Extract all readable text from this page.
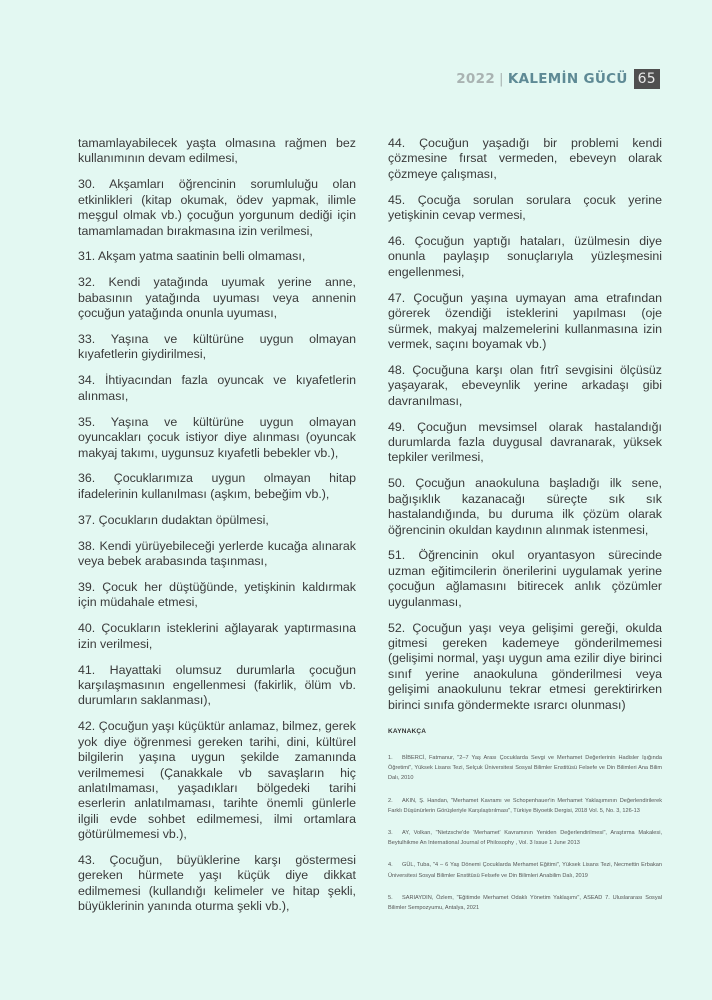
2022 | KALEMİN GÜCÜ 65

tamamlayabilecek yaşta olmasına rağmen bez kullanımının devam edilmesi,

30. Akşamları öğrencinin sorumluluğu olan etkinlikleri (kitap okumak, ödev yapmak, ilimle meşgul olmak vb.) çocuğun yorgunum dediği için tamamlamadan bırakmasına izin verilmesi,

31. Akşam yatma saatinin belli olmaması,

32. Kendi yatağında uyumak yerine anne, babasının yatağında uyuması veya annenin çocuğun yatağında onunla uyuması,

33. Yaşına ve kültürüne uygun olmayan kıyafetlerin giydirilmesi,

34. İhtiyacından fazla oyuncak ve kıyafetlerin alınması,

35. Yaşına ve kültürüne uygun olmayan oyuncakları çocuk istiyor diye alınması (oyuncak makyaj takımı, uygunsuz kıyafetli bebekler vb.),

36. Çocuklarımıza uygun olmayan hitap ifadelerinin kullanılması (aşkım, bebeğim vb.),

37. Çocukların dudaktan öpülmesi,

38. Kendi yürüyebileceği yerlerde kucağa alınarak veya bebek arabasında taşınması,

39. Çocuk her düştüğünde, yetişkinin kaldırmak için müdahale etmesi,

40. Çocukların isteklerini ağlayarak yaptırmasına izin verilmesi,

41. Hayattaki olumsuz durumlarla çocuğun karşılaşmasının engellenmesi (fakirlik, ölüm vb. durumların saklanması),

42. Çocuğun yaşı küçüktür anlamaz, bilmez, gerek yok diye öğrenmesi gereken tarihi, dini, kültürel bilgilerin yaşına uygun şekilde zamanında verilmemesi (Çanakkale vb savaşların hiç anlatılmaması, yaşadıkları bölgedeki tarihi eserlerin anlatılmaması, tarihte önemli günlerle ilgili evde sohbet edilmemesi, ilmi ortamlara götürülmemesi vb.),

43. Çocuğun, büyüklerine karşı göstermesi gereken hürmete yaşı küçük diye dikkat edilmemesi (kullandığı kelimeler ve hitap şekli, büyüklerinin yanında oturma şekli vb.),

44. Çocuğun yaşadığı bir problemi kendi çözmesine fırsat vermeden, ebeveyn olarak çözmeye çalışması,

45. Çocuğa sorulan sorulara çocuk yerine yetişkinin cevap vermesi,

46. Çocuğun yaptığı hataları, üzülmesin diye onunla paylaşıp sonuçlarıyla yüzleşmesini engellenmesi,

47. Çocuğun yaşına uymayan ama etrafından görerek özendiği isteklerini yapılması (oje sürmek, makyaj malzemelerini kullanmasına izin vermek, saçını boyamak vb.)

48. Çocuğuna karşı olan fıtrî sevgisini ölçüsüz yaşayarak, ebeveynlik yerine arkadaşı gibi davranılması,

49. Çocuğun mevsimsel olarak hastalandığı durumlarda fazla duygusal davranarak, yüksek tepkiler verilmesi,

50. Çocuğun anaokuluna başladığı ilk sene, bağışıklık kazanacağı süreçte sık sık hastalandığında, bu duruma ilk çözüm olarak öğrencinin okuldan kaydının alınmak istenmesi,

51. Öğrencinin okul oryantasyon sürecinde uzman eğitimcilerin önerilerini uygulamak yerine çocuğun ağlamasını bitirecek anlık çözümler uygulanması,

52. Çocuğun yaşı veya gelişimi gereği, okulda gitmesi gereken kademeye gönderilmemesi (gelişimi normal, yaşı uygun ama ezilir diye birinci sınıf yerine anaokuluna gönderilmesi veya gelişimi anaokulunu tekrar etmesi gerektirirken birinci sınıfa göndermekte ısrarcı olunması)

KAYNAKÇA
1. BİBERCİ, Fatmanur, "2–7 Yaş Arası Çocuklarda Sevgi ve Merhamet Değerlerinin Hadisler Işığında Öğretimi", Yüksek Lisans Tezi, Selçuk Üniversitesi Sosyal Bilimler Enstitüsü Felsefe ve Din Bilimleri Ana Bilim Dalı, 2010
2. AKIN, Ş. Handan, "Merhamet Kavramı ve Schopenhauer'in Merhamet Yaklaşımının Değerlendirilerek Farklı Düşünürlerin Görüşleriyle Karşılaştırılması", Türkiye Biyoetik Dergisi, 2018 Vol. 5, No. 3, 126-13
3. AY, Volkan, "Nietzsche'de 'Merhamet' Kavramının Yeniden Değerlendirilmesi", Araştırma Makalesi, Beytulhikme An International Journal of Philosophy , Vol. 3 Issue 1 June 2013
4. GÜL, Tuba, "4 – 6 Yaş Dönemi Çocuklarda Merhamet Eğitimi", Yüksek Lisans Tezi, Necmettin Erbakan Üniversitesi Sosyal Bilimler Enstitüsü Felsefe ve Din Bilimleri Anabilim Dalı, 2019
5. SARIAYDIN, Özlem, "Eğitimde Merhamet Odaklı Yönetim Yaklaşımı", ASEAD 7. Uluslararası Sosyal Bilimler Sempozyumu, Antalya, 2021
